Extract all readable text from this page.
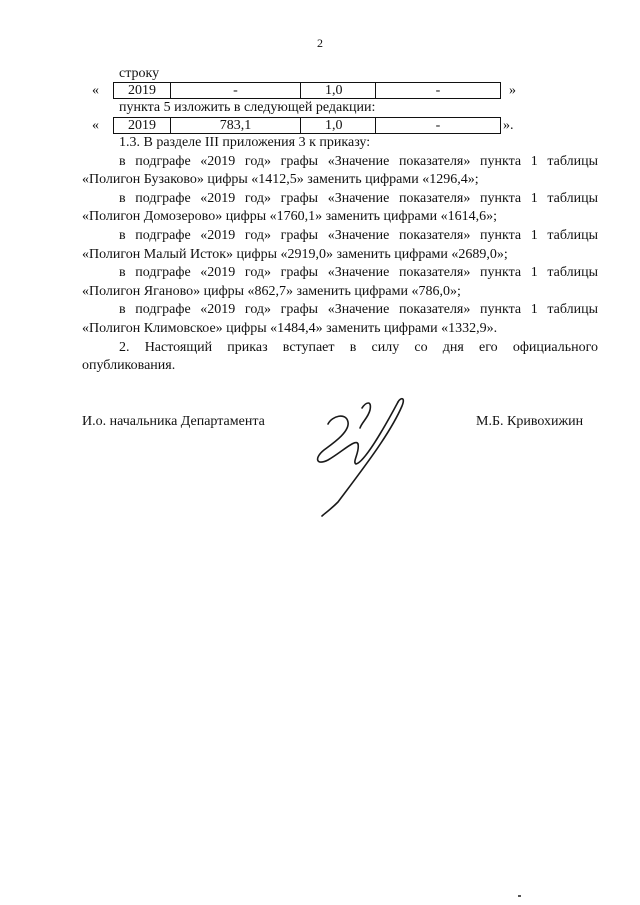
2
строку
« 2019	-	1,0	-	»
пункта 5 изложить в следующей редакции:
« 2019	783,1	1,0	-	».

1.3. В разделе III приложения 3 к приказу:

в подграфе «2019 год» графы «Значение показателя» пункта 1 таблицы

«Полигон Бузаково» цифры «1412,5» заменить цифрами «1296,4»;

в подграфе «2019 год» графы «Значение показателя» пункта 1 таблицы

«Полигон Домозерово» цифры «1760,1» заменить цифрами «1614,6»;

в подграфе «2019 год» графы «Значение показателя» пункта 1 таблицы

«Полигон Малый Исток» цифры «2919,0» заменить цифрами «2689,0»;

в подграфе «2019 год» графы «Значение показателя» пункта 1 таблицы

«Полигон Яганово» цифры «862,7» заменить цифрами «786,0»;

в подграфе «2019 год» графы «Значение показателя» пункта 1 таблицы

«Полигон Климовское» цифры «1484,4» заменить цифрами «1332,9».

2. Настоящий приказ вступает в силу со дня его официального

опубликования.

И.о. начальника Департамента	М.Б. Кривохижин
